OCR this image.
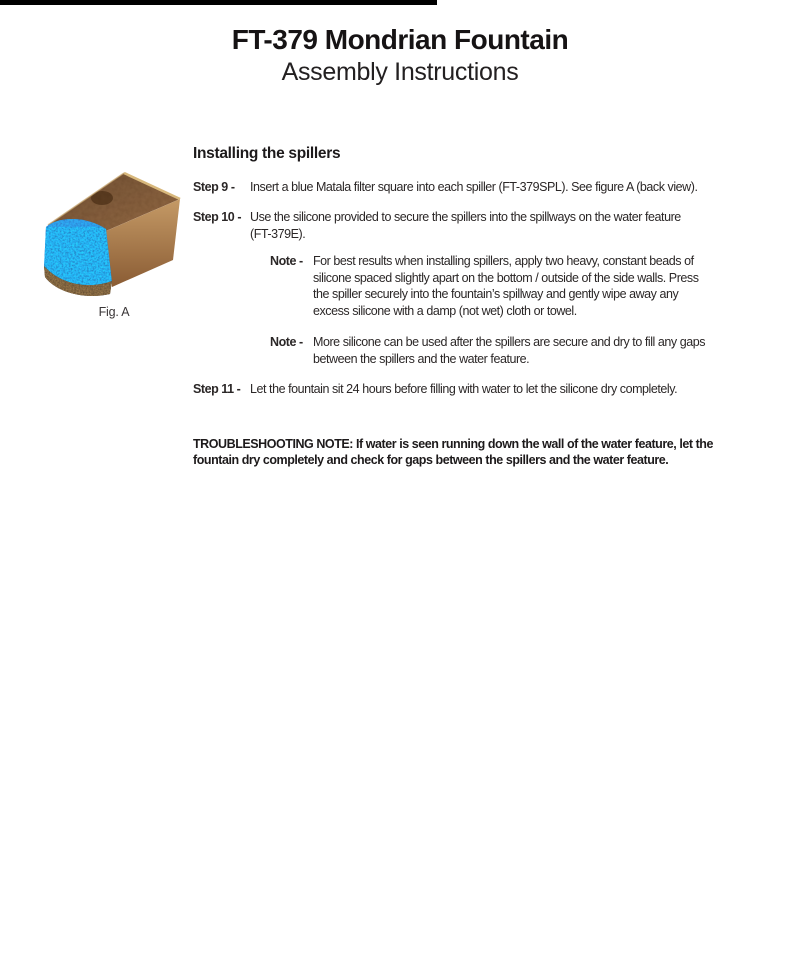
FT-379 Mondrian Fountain
Assembly Instructions
Fig. A
Installing the spillers
Step 9 -	Insert a blue Matala filter square into each spiller (FT-379SPL). See figure A (back view).
Step 10 - Use the silicone provided to secure the spillers into the spillways on the water feature
(FT-379E).
Note - For best results when installing spillers, apply two heavy, constant beads of
silicone spaced slightly apart on the bottom / outside of the side walls. Press
the spiller securely into the fountain’s spillway and gently wipe away any
excess silicone with a damp (not wet) cloth or towel.
Note - More silicone can be used after the spillers are secure and dry to fill any gaps
between the spillers and the water feature.
Step 11 - Let the fountain sit 24 hours before filling with water to let the silicone dry completely.
TROUBLESHOOTING NOTE: If water is seen running down the wall of the water feature, let the
fountain dry completely and check for gaps between the spillers and the water feature.
